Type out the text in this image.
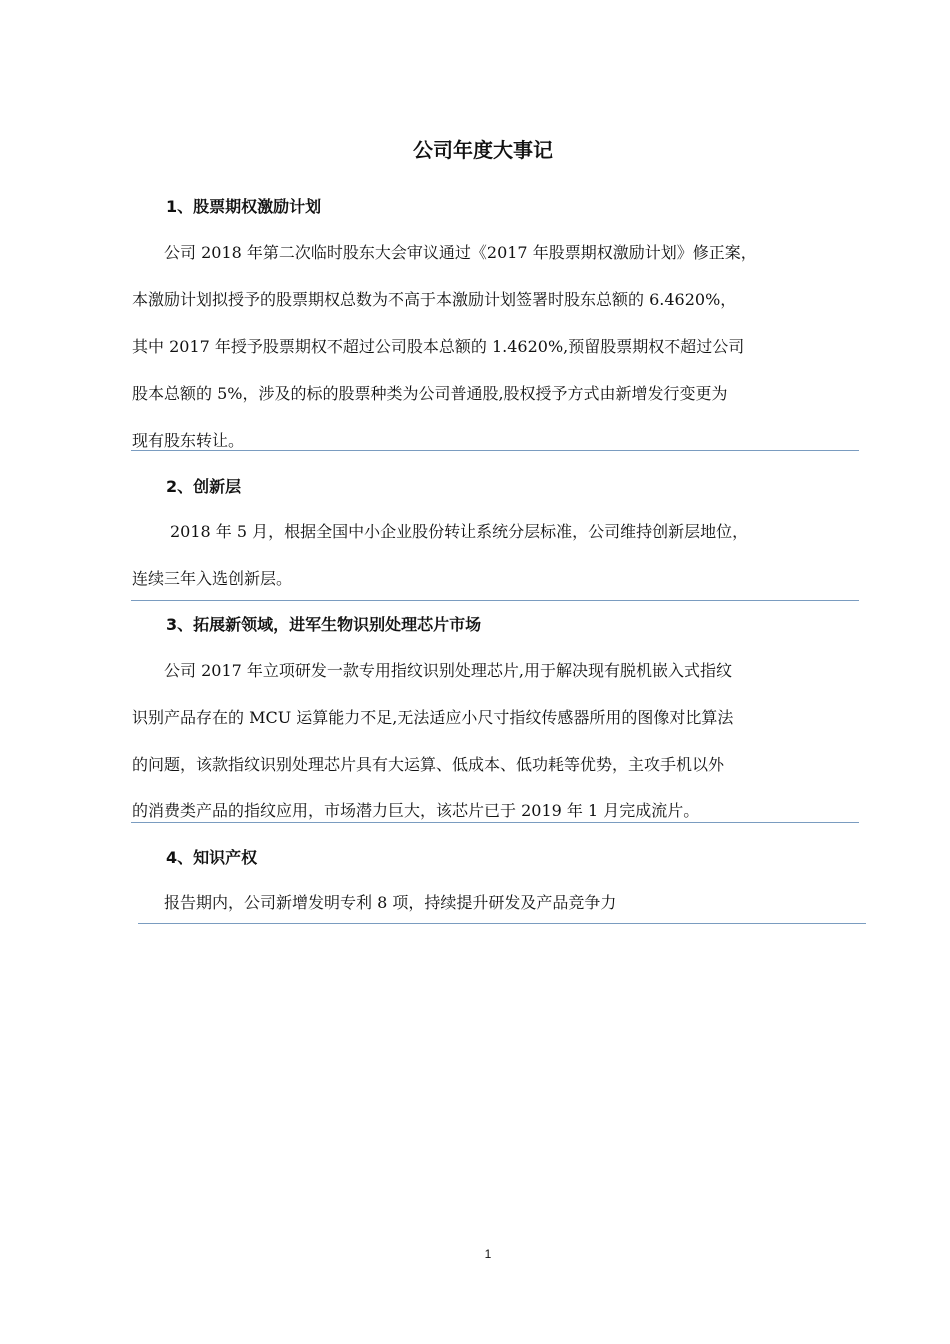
公司年度大事记
1、股票期权激励计划

公司 2018 年第二次临时股东大会审议通过《2017 年股票期权激励计划》修正案，

本激励计划拟授予的股票期权总数为不高于本激励计划签署时股东总额的 6.4620%，

其中 2017 年授予股票期权不超过公司股本总额的 1.4620%,预留股票期权不超过公司

股本总额的 5%，涉及的标的股票种类为公司普通股,股权授予方式由新增发行变更为

现有股东转让。

2、创新层

2018 年 5 月，根据全国中小企业股份转让系统分层标准，公司维持创新层地位，

连续三年入选创新层。

3、拓展新领域，进军生物识别处理芯片市场

公司 2017 年立项研发一款专用指纹识别处理芯片,用于解决现有脱机嵌入式指纹

识别产品存在的 MCU 运算能力不足,无法适应小尺寸指纹传感器所用的图像对比算法

的问题，该款指纹识别处理芯片具有大运算、低成本、低功耗等优势，主攻手机以外

的消费类产品的指纹应用，市场潜力巨大，该芯片已于 2019 年 1 月完成流片。

4、知识产权

报告期内，公司新增发明专利 8 项，持续提升研发及产品竞争力

1
